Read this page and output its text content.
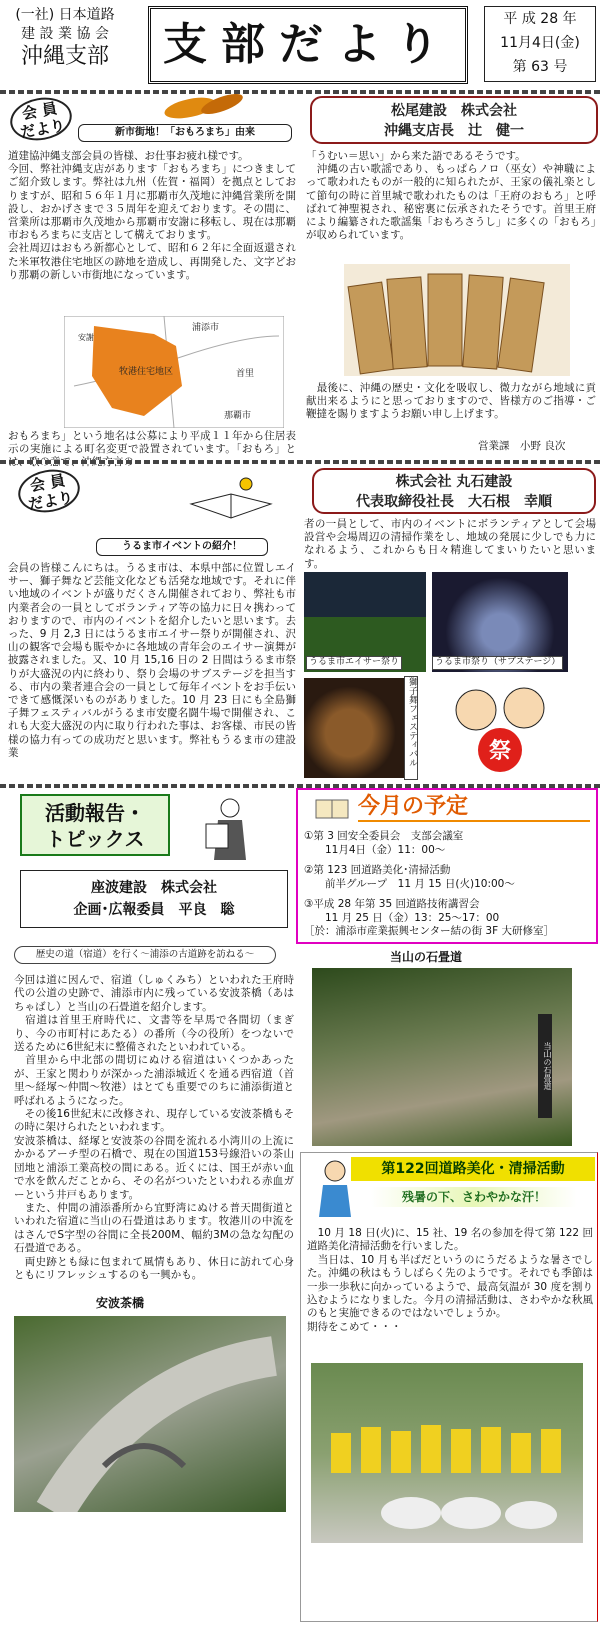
(一社) 日本道路
建 設 業 協 会

沖縄支部	支部だより	平 成 28 年
11月4日(金)
第 63 号
会 員
だより	新市街地！「おもろまち」由来
松尾建設　株式会社
沖縄支店長　辻　健一
道建協沖縄支部会員の皆様、お仕事お疲れ様です。
今回、弊社沖縄支店があります「おもろまち」につきましてご紹介致します。弊社は九州（佐賀・福岡）を拠点としておりますが、昭和５６年１月に那覇市久茂地に沖縄営業所を開設し、おかげさまで３５周年を迎えております。その間に、営業所は那覇市久茂地から那覇市安謝に移転し、現在は那覇市おもろまちに支店として構えております。
会社周辺はおもろ新都心として、昭和６２年に全面返還された米軍牧港住宅地区の跡地を造成し、再開発した、文字どおり那覇の新しい市街地になっています。
牧港住宅地区
浦添市
那覇市
首里
安謝
おもろまち」という地名は公募により平成１１年から住居表示の実施による町名変更で設置されています。「おもろ」と
「うむい＝思い」から来た語であるそうです。
　沖縄の古い歌謡であり、もっぱらノロ（巫女）や神職によって歌われたものが一般的に知られたが、王家の儀礼楽として節句の時に首里城で歌われたものは「王府のおもろ」と呼ばれて神聖視され、秘密裏に伝承されたそうです。首里王府により編纂された歌謡集「おもろさうし」に多くの「おもろ」が収められています。
　最後に、沖縄の歴史・文化を吸収し、微力ながら地域に貢献出来るようにと思っておりますので、皆様方のご指導・ご鞭撻を賜りますようお願い申し上げます。
営業課　小野 良次
会 員
だより
うるま市イベントの紹介！
株式会社 丸石建設
代表取締役社長　大石根　幸順
会員の皆様こんにちは。うるま市は、本県中部に位置しエイサー、獅子舞など芸能文化なども活発な地域です。それに伴い地域のイベントが盛りだくさん開催されており、弊社も市内業者会の一員としてボランティア等の協力に日々携わっておりますので、市内のイベントを紹介したいと思います。去った、9 月 2,3 日にはうるま市エイサー祭りが開催され、沢山の観客で会場も賑やかに各地域の青年会のエイサー演舞が披露されました。又、10 月 15,16 日の 2 日間はうるま市祭りが大盛況の内に終わり、祭り会場のサブステージを担当する、市内の業者連合会の一員として毎年イベントをお手伝いできて感慨深いものがありました。10 月 23 日にも全島獅子舞フェスティバルがうるま市安慶名闘牛場で開催され、これも大変大盛況の内に取り行われた事は、お客様、市民の皆様の協力有っての成功だと思います。弊社もうるま市の建設業
者の一員として、市内のイベントにボランティアとして会場設営や会場周辺の清掃作業をし、地域の発展に少しでも力になれるよう、これからも日々精進してまいりたいと思います。
うるま市エイサー祭り	うるま市祭り（サブステージ）
獅子舞フェスティバル	祭
活動報告・
トピックス
座波建設　株式会社
企画･広報委員　平良　聡
歴史の道（宿道）を行く～浦添の古道跡を訪ねる～
今回は道に因んで、宿道（しゅくみち）といわれた王府時代の公道の史跡で、浦添市内に残っている安波茶橋（あはちゃばし）と当山の石畳道を紹介します。
　宿道は首里王府時代に、文書等を早馬で各間切（まぎり、今の市町村にあたる）の番所（今の役所）をつないで送るために6世紀末に整備されたといわれている。
　首里から中北部の間切にぬける宿道はいくつかあったが、王家と関わりが深かった浦添城近くを通る西宿道（首里～経塚～仲間～牧港）はとても重要でのちに浦添街道と呼ばれるようになった。
　その後16世紀末に改修され、現存している安波茶橋もその時に架けられたといわれます。
安波茶橋は、経塚と安波茶の谷間を流れる小湾川の上流にかかるアーチ型の石橋で、現在の国道153号線沿いの茶山団地と浦添工業高校の間にある。近くには、国王が赤い血で水を飲んだことから、その名がついたといわれる赤血ガーという井戸もあります。
　また、仲間の浦添番所から宜野湾にぬける普天間街道といわれた宿道に当山の石畳道はあります。牧港川の中流をはさんでS字型の谷間に全長200M、幅約3Mの急な勾配の石畳道である。
　両史跡とも緑に包まれて風情もあり、休日に訪れて心身ともにリフレッシュするのも一興かも。
安波茶橋
今月の予定
①第 3 回安全委員会　支部会議室
　　11月4日（金）11：00～
②第 123 回道路美化･清掃活動
　　前半グループ　11 月 15 日(火)10:00～
③平成 28 年第 35 回道路技術講習会
　　11 月 25 日（金）13：25～17：00
［於：浦添市産業振興センター結の街 3F 大研修室］
当山の石畳道
当山の石畳道
第122回道路美化・清掃活動
残暑の下、さわやかな汗！
　10 月 18 日(火)に、15 社、19 名の参加を得て第 122 回道路美化清掃活動を行いました。
　当日は、10 月も半ばだというのにうだるような暑さでした。沖縄の秋はもうしばらく先のようです。それでも季節は一歩一歩秋に向かっているようで、最高気温が 30 度を割り込むようになりました。今月の清掃活動は、さわやかな秋風のもと実施できるのではないでしょうか。
期待をこめて・・・
